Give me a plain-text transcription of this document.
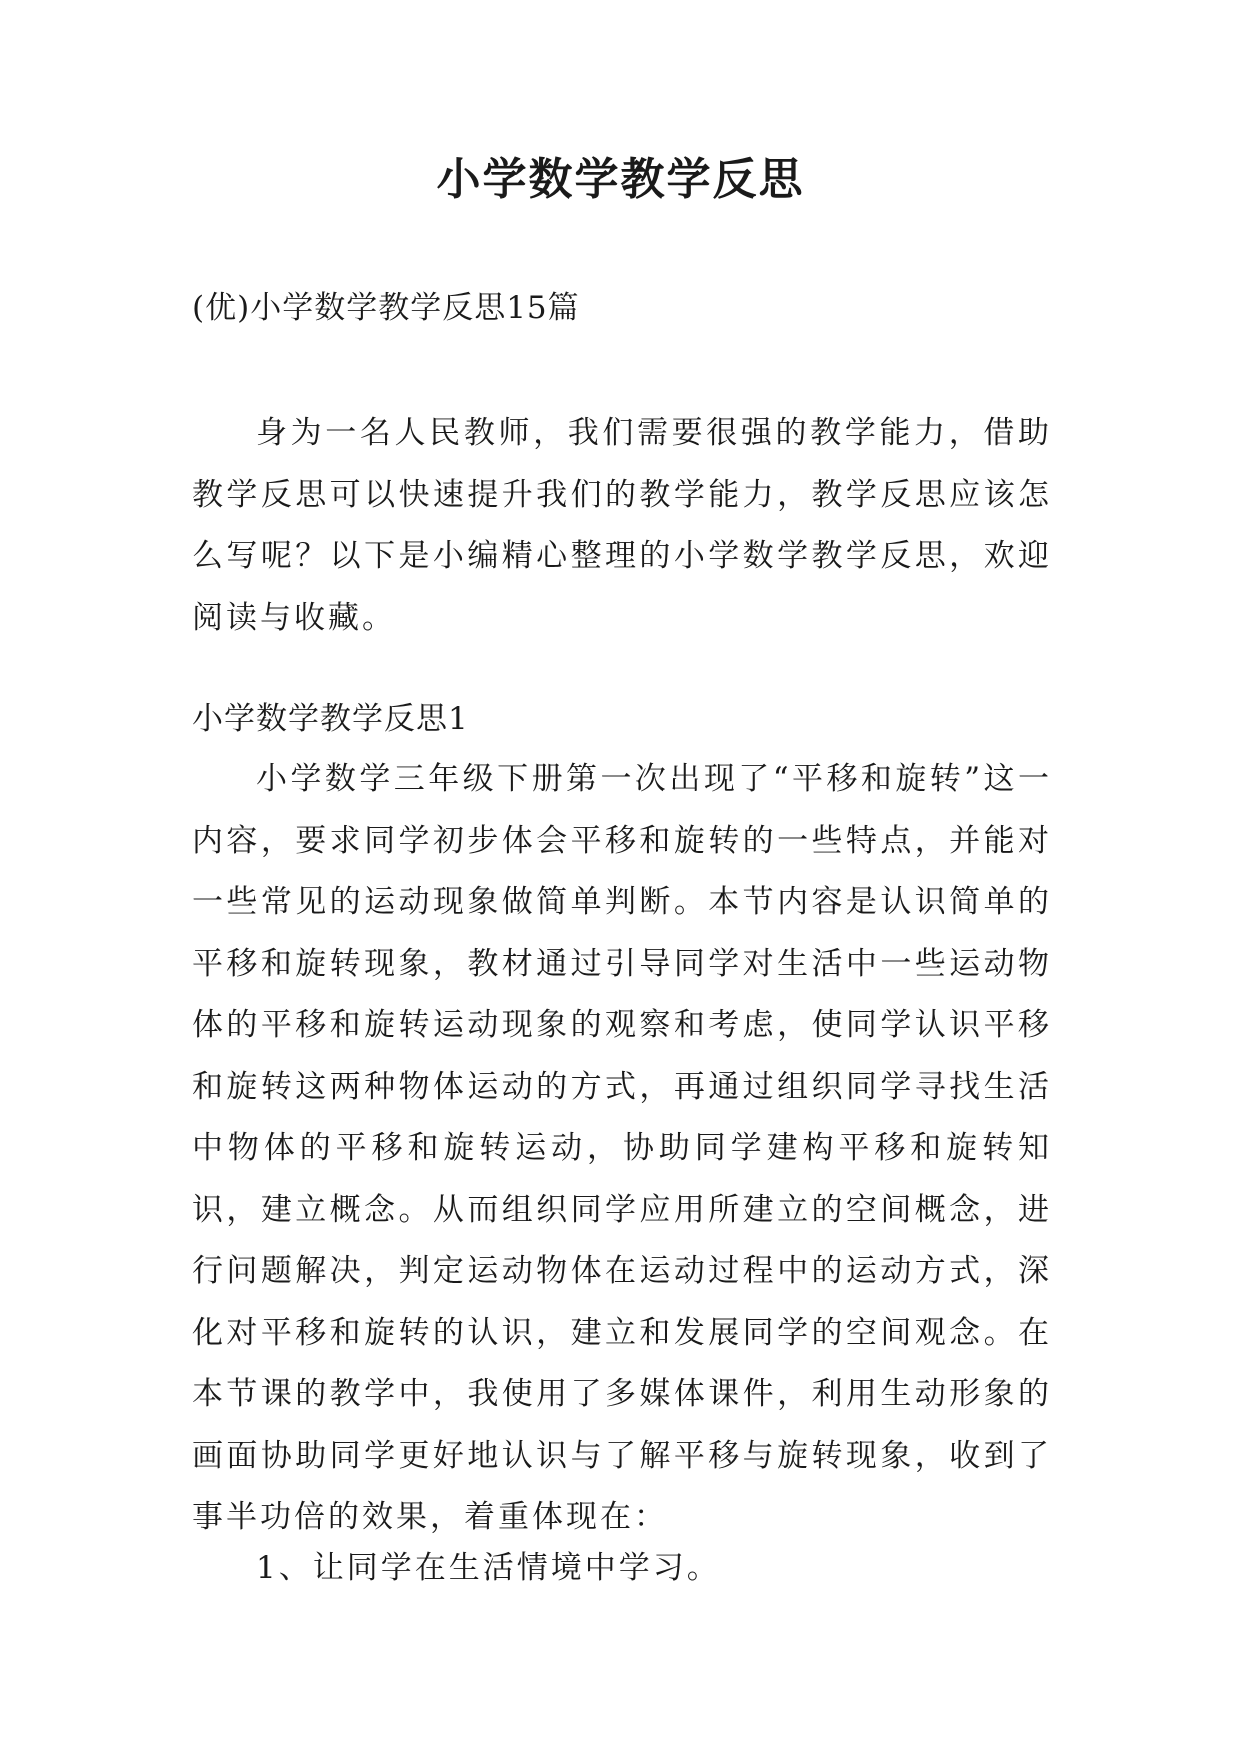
小学数学教学反思

(优)小学数学教学反思15篇

身为一名人民教师，我们需要很强的教学能力，借助教学反思可以快速提升我们的教学能力，教学反思应该怎么写呢？以下是小编精心整理的小学数学教学反思，欢迎阅读与收藏。

小学数学教学反思1

小学数学三年级下册第一次出现了“平移和旋转”这一内容，要求同学初步体会平移和旋转的一些特点，并能对一些常见的运动现象做简单判断。本节内容是认识简单的平移和旋转现象，教材通过引导同学对生活中一些运动物体的平移和旋转运动现象的观察和考虑，使同学认识平移和旋转这两种物体运动的方式，再通过组织同学寻找生活中物体的平移和旋转运动，协助同学建构平移和旋转知识，建立概念。从而组织同学应用所建立的空间概念，进行问题解决，判定运动物体在运动过程中的运动方式，深化对平移和旋转的认识，建立和发展同学的空间观念。在本节课的教学中，我使用了多媒体课件，利用生动形象的画面协助同学更好地认识与了解平移与旋转现象，收到了事半功倍的效果，着重体现在：

1、让同学在生活情境中学习。
